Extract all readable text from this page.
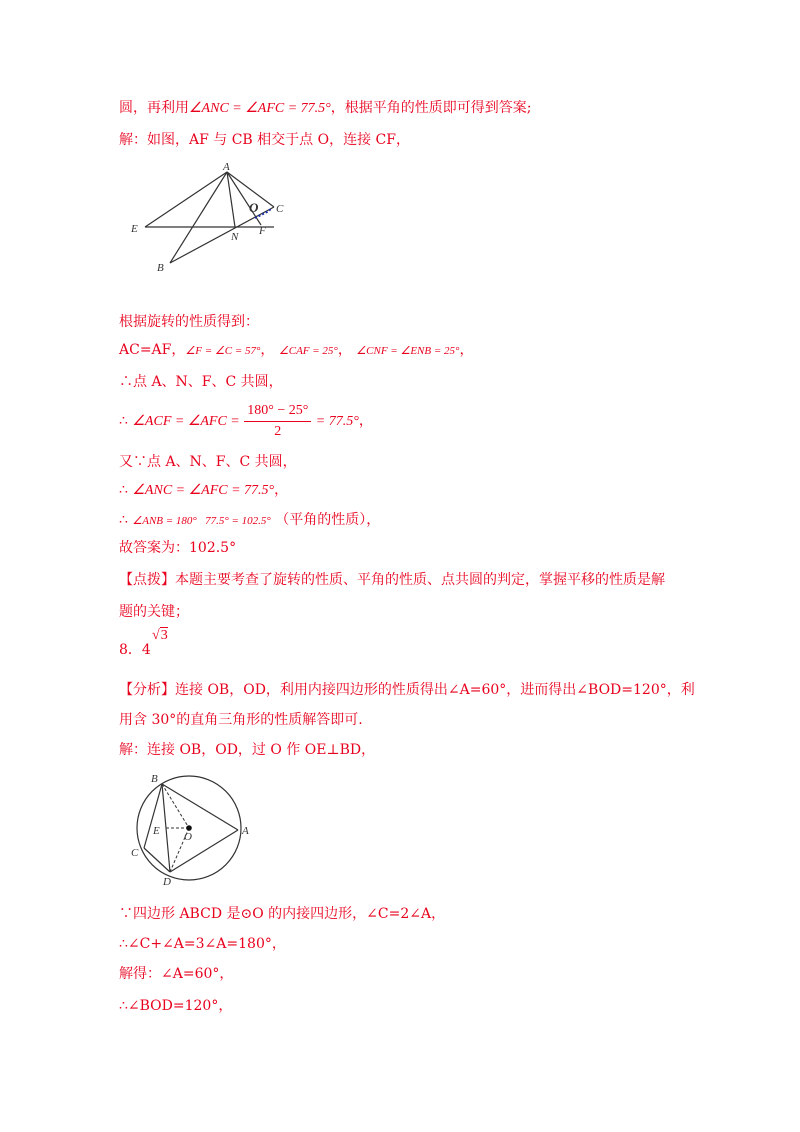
圆，再利用∠ANC = ∠AFC = 77.5°，根据平角的性质即可得到答案;
解：如图，AF 与 CB 相交于点 O，连接 CF，
A
E
N F
C
B
O
根据旋转的性质得到：
AC=AF，∠F = ∠C = 57°， ∠CAF = 25°， ∠CNF = ∠ENB = 25°，
∴点 A、N、F、C 共圆，
∴ ∠ACF = ∠AFC = $\frac{180^\circ - 25^\circ}{2} = 77.5^\circ$，
又∵点 A、N、F、C 共圆，
∴ ∠ANC = ∠AFC = 77.5°，
∴ ∠ANB = 180°   77.5° = 102.5° （平角的性质），
故答案为：102.5°
【点拨】本题主要考查了旋转的性质、平角的性质、点共圆的判定，掌握平移的性质是解
题的关键；
8．4
√3
【分析】连接 OB，OD，利用内接四边形的性质得出∠A=60°，进而得出∠BOD=120°，利
用含 30°的直角三角形的性质解答即可.
解：连接 OB，OD，过 O 作 OE⊥BD，
B
C
D
A
E O
∵四边形 ABCD 是⊙O 的内接四边形，∠C=2∠A，
∴∠C+∠A=3∠A=180°，
解得：∠A=60°，
∴∠BOD=120°，
